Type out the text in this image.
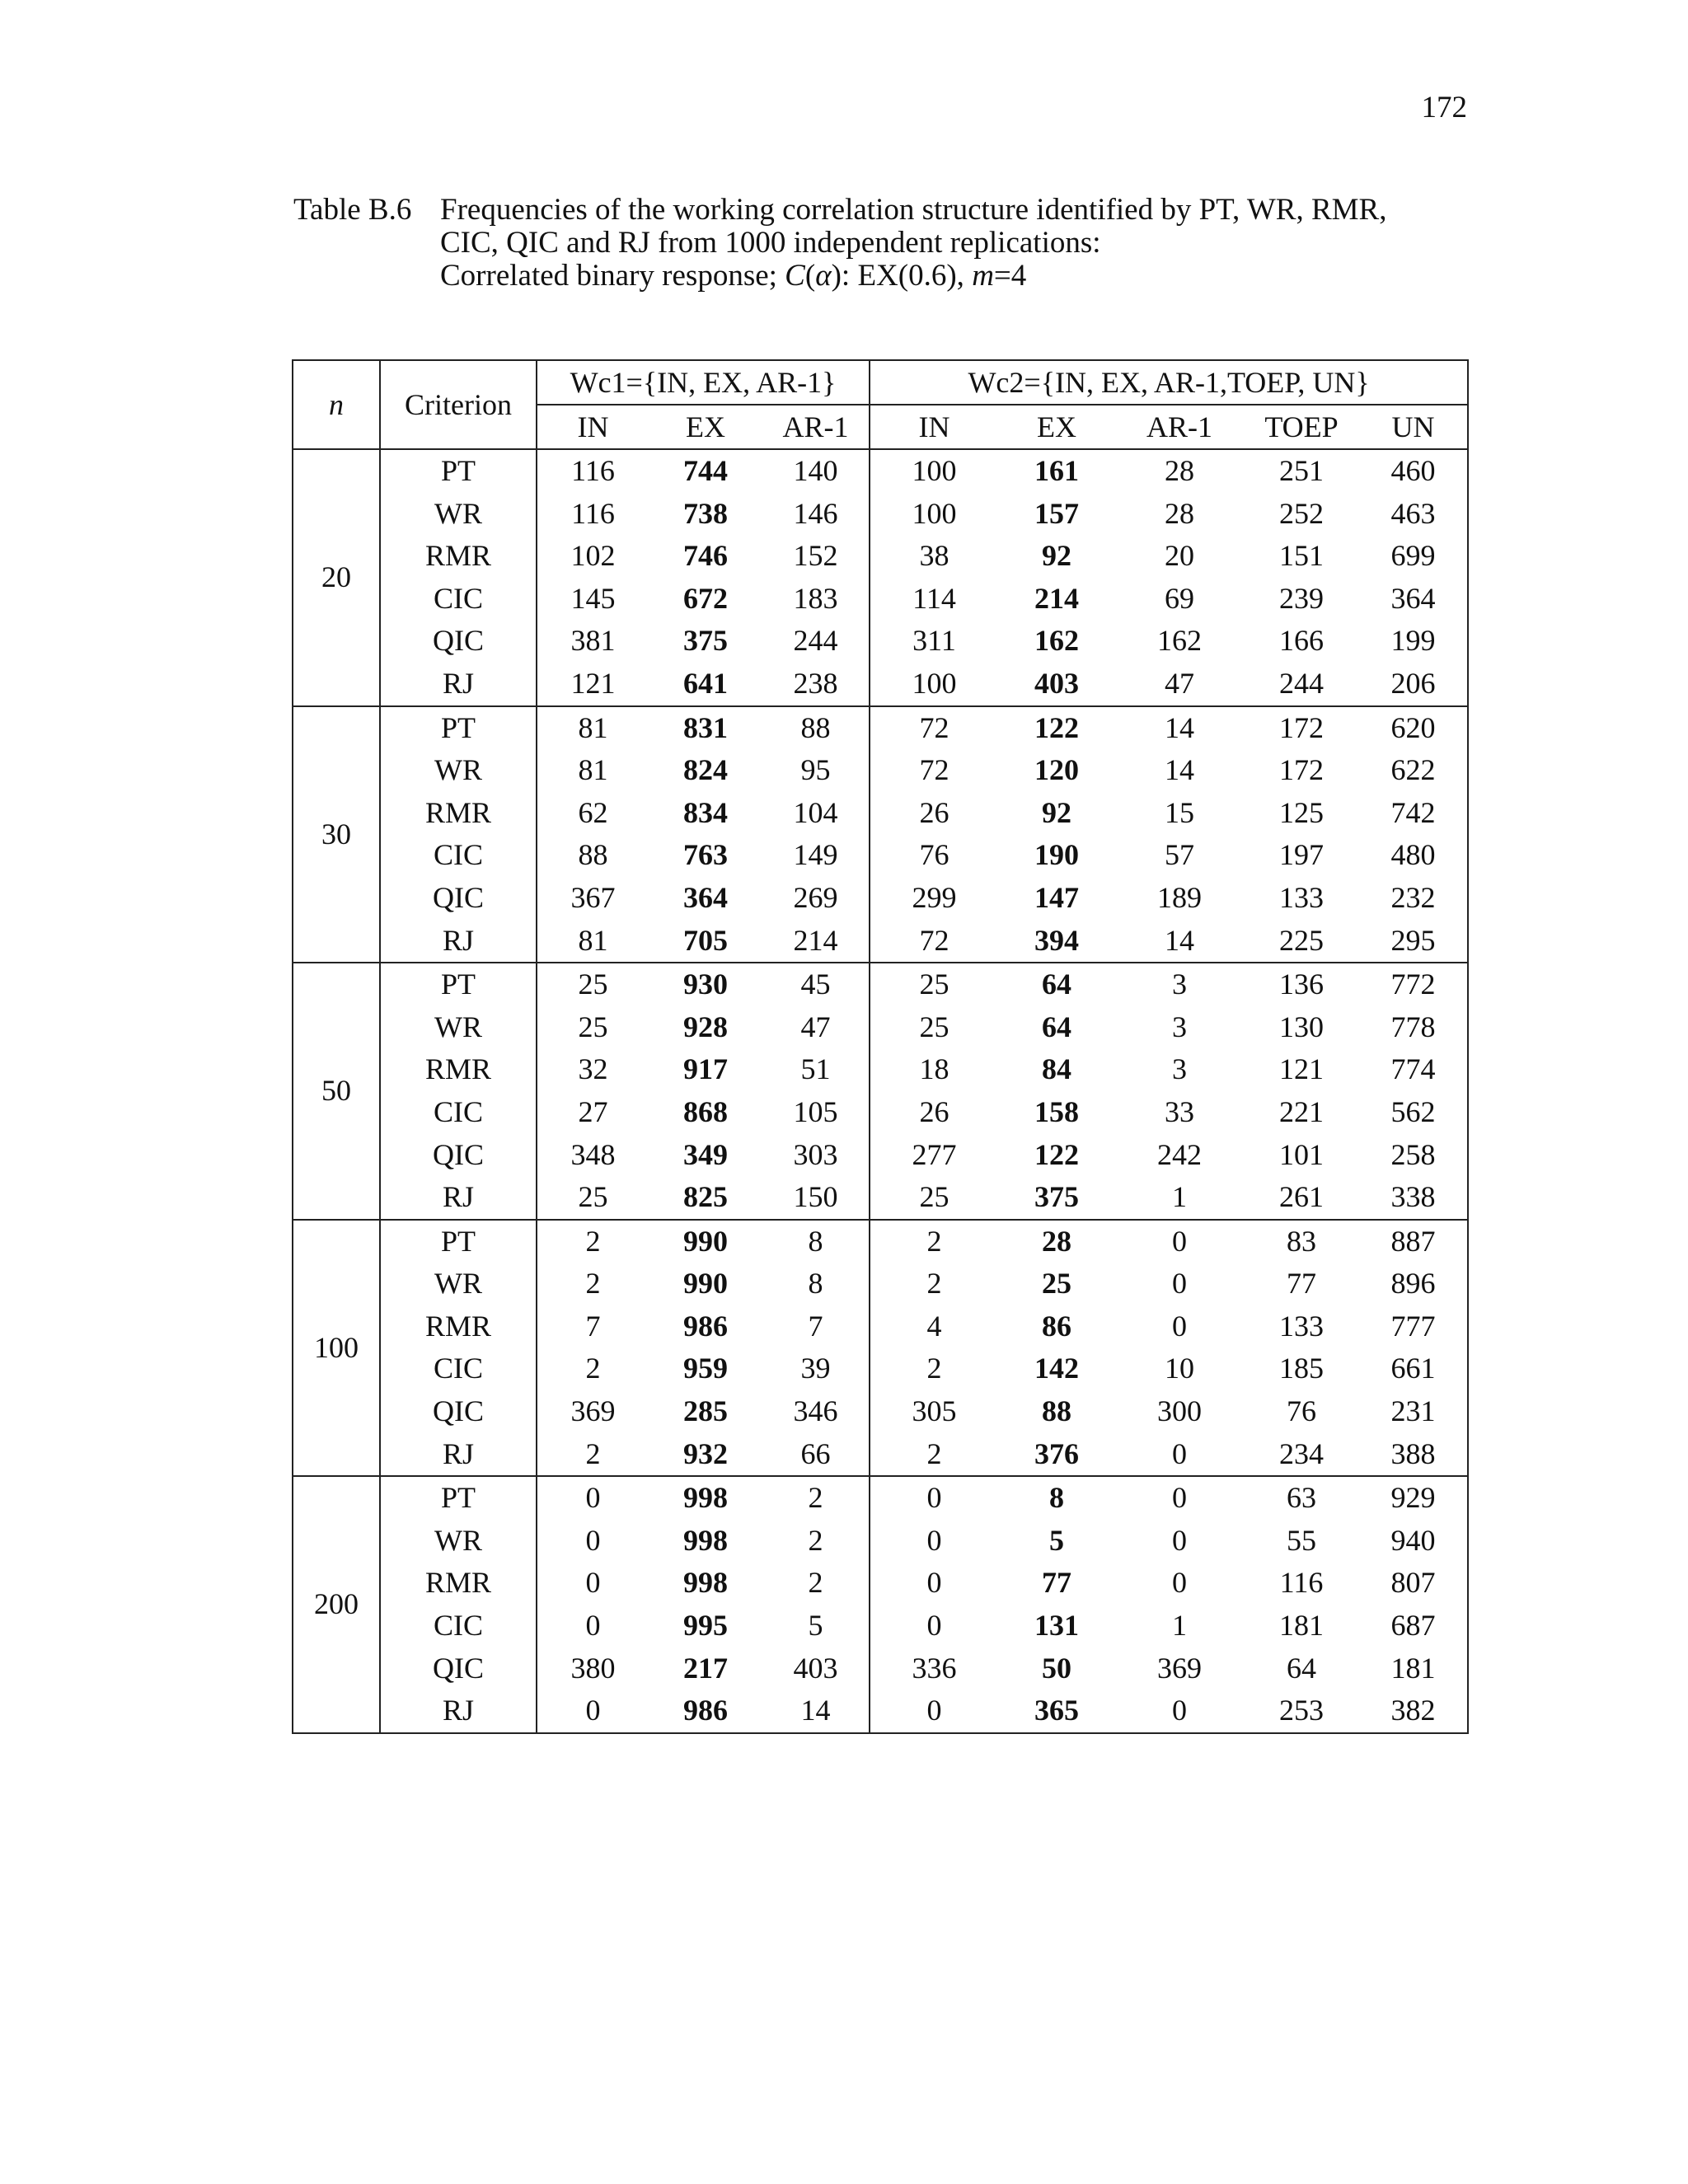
172
Table B.6 Frequencies of the working correlation structure identified by PT, WR, RMR,
CIC, QIC and RJ from 1000 independent replications:
Correlated binary response; C(α): EX(0.6), m=4
n	Criterion	Wc1={IN, EX, AR-1}			Wc2={IN, EX, AR-1,TOEP, UN}				
		IN	EX	AR-1	IN	EX	AR-1	TOEP	UN
20	PT	116	744	140	100	161	28	251	460
	WR	116	738	146	100	157	28	252	463
	RMR	102	746	152	38	92	20	151	699
	CIC	145	672	183	114	214	69	239	364
	QIC	381	375	244	311	162	162	166	199
	RJ	121	641	238	100	403	47	244	206
30	PT	81	831	88	72	122	14	172	620
	WR	81	824	95	72	120	14	172	622
	RMR	62	834	104	26	92	15	125	742
	CIC	88	763	149	76	190	57	197	480
	QIC	367	364	269	299	147	189	133	232
	RJ	81	705	214	72	394	14	225	295
50	PT	25	930	45	25	64	3	136	772
	WR	25	928	47	25	64	3	130	778
	RMR	32	917	51	18	84	3	121	774
	CIC	27	868	105	26	158	33	221	562
	QIC	348	349	303	277	122	242	101	258
	RJ	25	825	150	25	375	1	261	338
100	PT	2	990	8	2	28	0	83	887
	WR	2	990	8	2	25	0	77	896
	RMR	7	986	7	4	86	0	133	777
	CIC	2	959	39	2	142	10	185	661
	QIC	369	285	346	305	88	300	76	231
	RJ	2	932	66	2	376	0	234	388
200	PT	0	998	2	0	8	0	63	929
	WR	0	998	2	0	5	0	55	940
	RMR	0	998	2	0	77	0	116	807
	CIC	0	995	5	0	131	1	181	687
	QIC	380	217	403	336	50	369	64	181
	RJ	0	986	14	0	365	0	253	382
